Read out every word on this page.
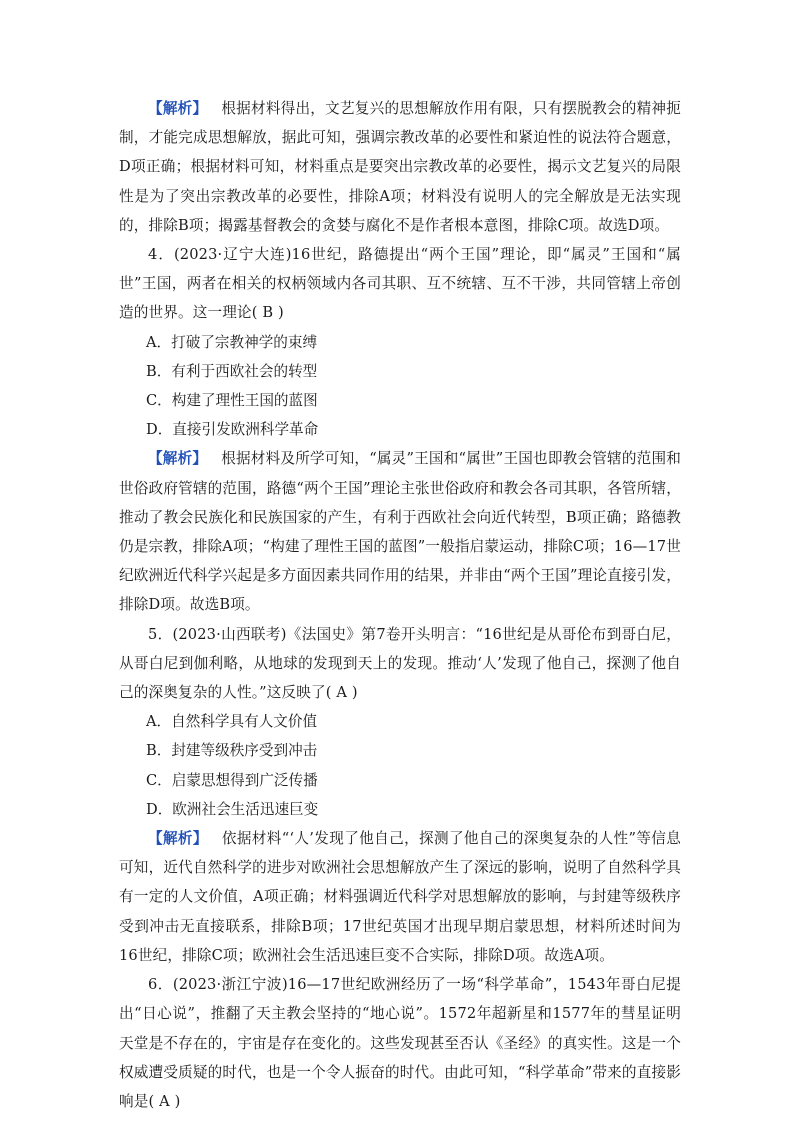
【解析】 根据材料得出，文艺复兴的思想解放作用有限，只有摆脱教会的精神扼制，才能完成思想解放，据此可知，强调宗教改革的必要性和紧迫性的说法符合题意，D项正确；根据材料可知，材料重点是要突出宗教改革的必要性，揭示文艺复兴的局限性是为了突出宗教改革的必要性，排除A项；材料没有说明人的完全解放是无法实现的，排除B项；揭露基督教会的贪婪与腐化不是作者根本意图，排除C项。故选D项。

4．(2023·辽宁大连)16世纪，路德提出“两个王国”理论，即“属灵”王国和“属世”王国，两者在相关的权柄领域内各司其职、互不统辖、互不干涉，共同管辖上帝创造的世界。这一理论( B )

A．打破了宗教神学的束缚

B．有利于西欧社会的转型

C．构建了理性王国的蓝图

D．直接引发欧洲科学革命

【解析】 根据材料及所学可知，“属灵”王国和“属世”王国也即教会管辖的范围和世俗政府管辖的范围，路德“两个王国”理论主张世俗政府和教会各司其职，各管所辖，推动了教会民族化和民族国家的产生，有利于西欧社会向近代转型，B项正确；路德教仍是宗教，排除A项；“构建了理性王国的蓝图”一般指启蒙运动，排除C项；16—17世纪欧洲近代科学兴起是多方面因素共同作用的结果，并非由“两个王国”理论直接引发，排除D项。故选B项。

5．(2023·山西联考)《法国史》第7卷开头明言：“16世纪是从哥伦布到哥白尼，从哥白尼到伽利略，从地球的发现到天上的发现。推动‘人’发现了他自己，探测了他自己的深奥复杂的人性。”这反映了( A )

A．自然科学具有人文价值

B．封建等级秩序受到冲击

C．启蒙思想得到广泛传播

D．欧洲社会生活迅速巨变

【解析】 依据材料“‘人’发现了他自己，探测了他自己的深奥复杂的人性”等信息可知，近代自然科学的进步对欧洲社会思想解放产生了深远的影响，说明了自然科学具有一定的人文价值，A项正确；材料强调近代科学对思想解放的影响，与封建等级秩序受到冲击无直接联系，排除B项；17世纪英国才出现早期启蒙思想，材料所述时间为16世纪，排除C项；欧洲社会生活迅速巨变不合实际，排除D项。故选A项。

6．(2023·浙江宁波)16—17世纪欧洲经历了一场“科学革命”，1543年哥白尼提出“日心说”，推翻了天主教会坚持的“地心说”。1572年超新星和1577年的彗星证明天堂是不存在的，宇宙是存在变化的。这些发现甚至否认《圣经》的真实性。这是一个权威遭受质疑的时代，也是一个令人振奋的时代。由此可知，“科学革命”带来的直接影响是( A )
